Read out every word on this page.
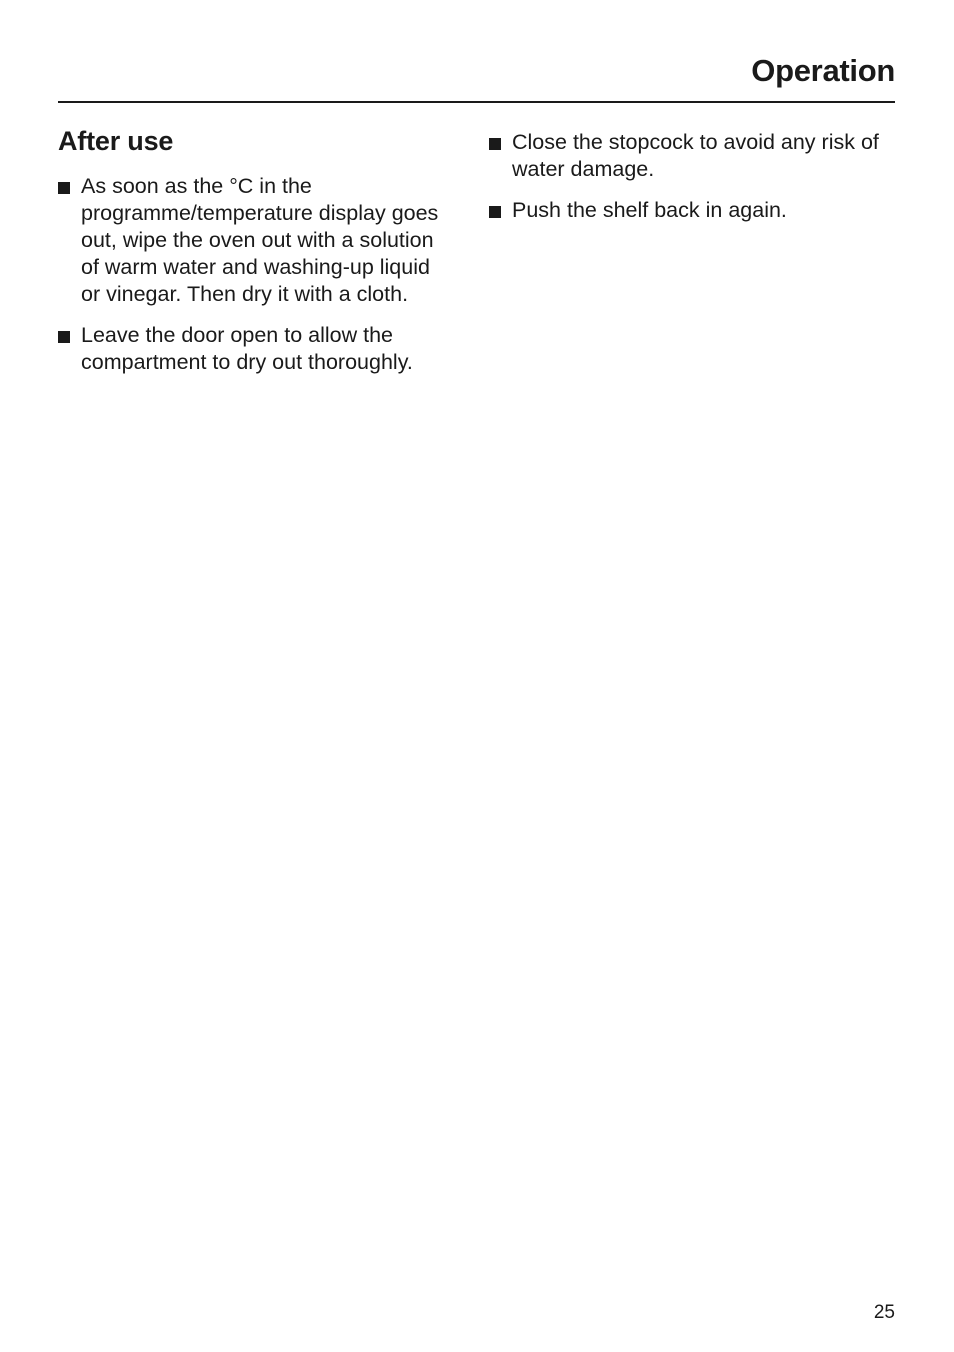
Operation
After use
As soon as the °C in the programme/temperature display goes out, wipe the oven out with a solution of warm water and washing-up liquid or vinegar. Then dry it with a cloth.
Leave the door open to allow the compartment to dry out thoroughly.
Close the stopcock to avoid any risk of water damage.
Push the shelf back in again.
25
